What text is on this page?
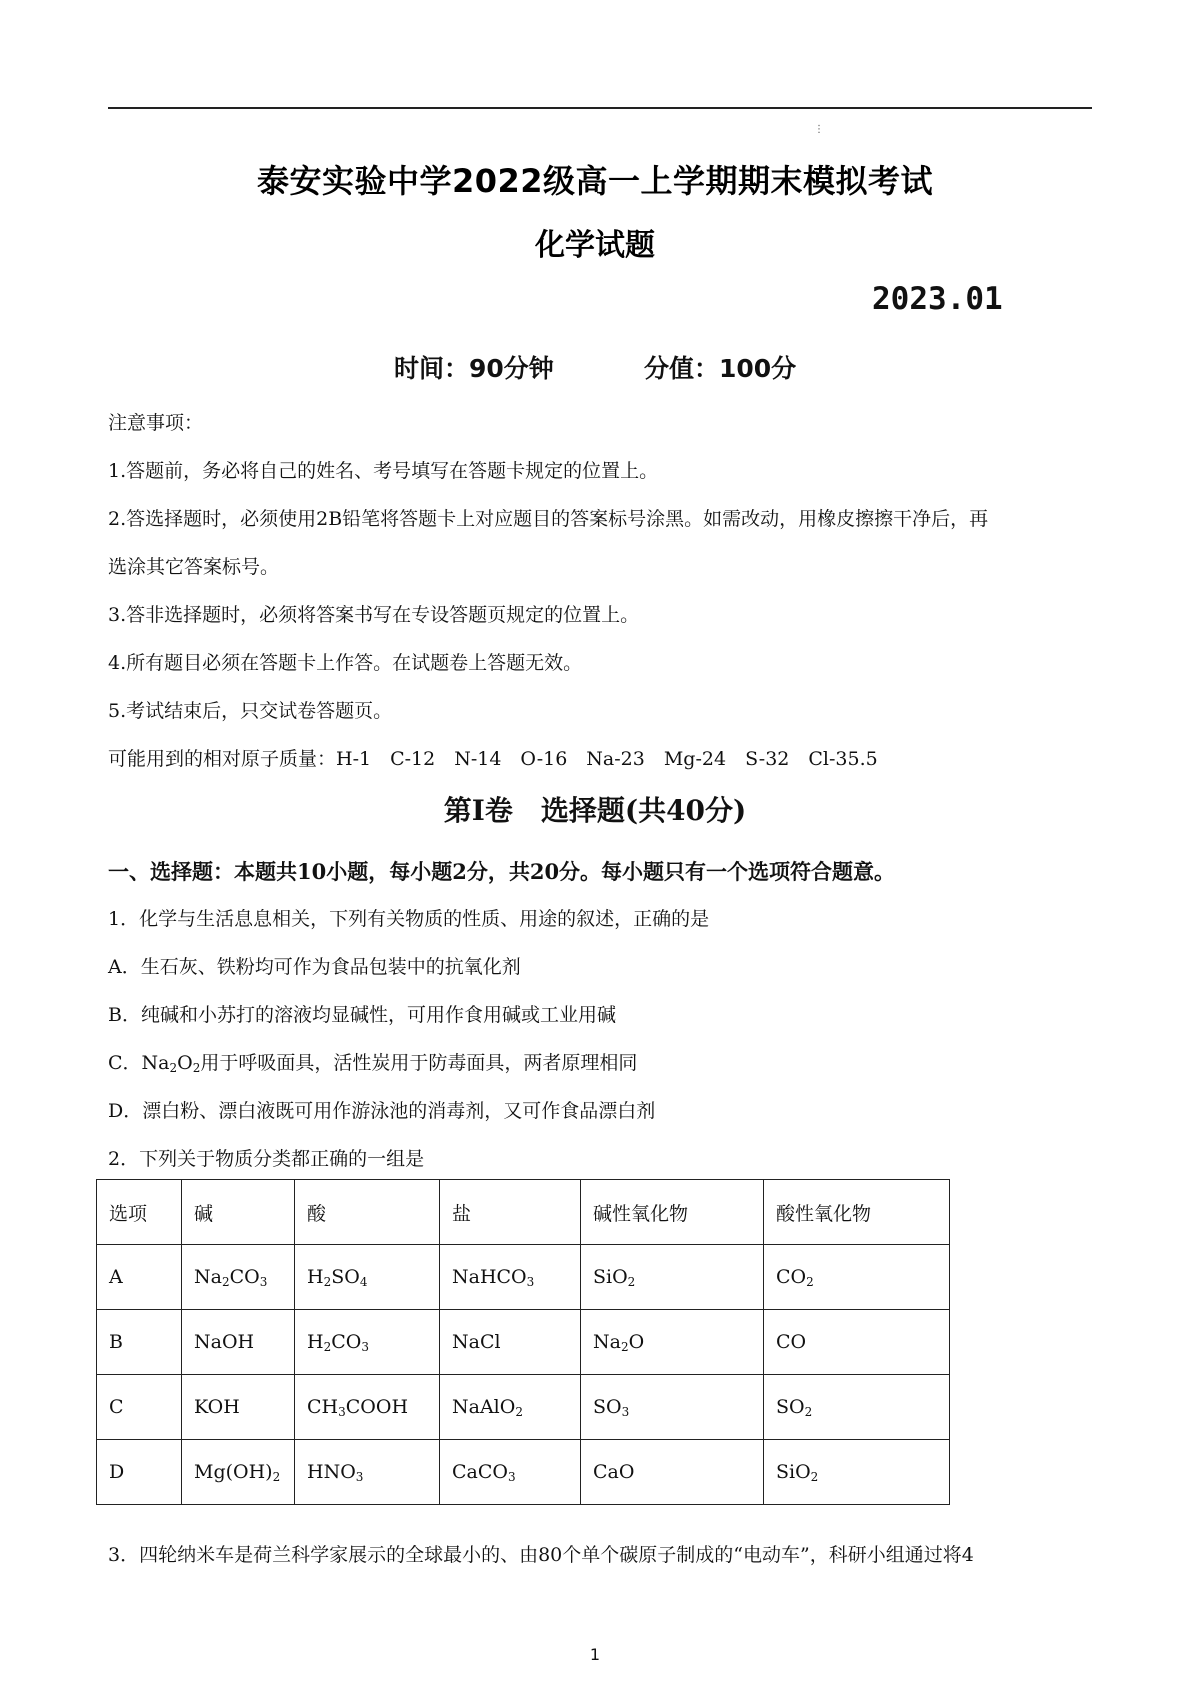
⋮
泰安实验中学2022级高一上学期期末模拟考试
化学试题
2023.01
时间：90分钟	分值：100分
注意事项：
1.答题前，务必将自己的姓名、考号填写在答题卡规定的位置上。
2.答选择题时，必须使用2B铅笔将答题卡上对应题目的答案标号涂黑。如需改动，用橡皮擦擦干净后，再
选涂其它答案标号。
3.答非选择题时，必须将答案书写在专设答题页规定的位置上。
4.所有题目必须在答题卡上作答。在试题卷上答题无效。
5.考试结束后，只交试卷答题页。
可能用到的相对原子质量：H-1　C-12　N-14　O-16　Na-23　Mg-24　S-32　Cl-35.5
第Ⅰ卷　选择题(共40分)
一、选择题：本题共10小题，每小题2分，共20分。每小题只有一个选项符合题意。
1．化学与生活息息相关，下列有关物质的性质、用途的叙述，正确的是
A．生石灰、铁粉均可作为食品包装中的抗氧化剂
B．纯碱和小苏打的溶液均显碱性，可用作食用碱或工业用碱
C．$Na_2O_2$用于呼吸面具，活性炭用于防毒面具，两者原理相同
D．漂白粉、漂白液既可用作游泳池的消毒剂，又可作食品漂白剂
2．下列关于物质分类都正确的一组是
选项	碱	酸	盐	碱性氧化物	酸性氧化物
A	$Na_2CO_3$	$H_2SO_4$	NaHCO$_3$	SiO$_2$	$CO_2$
B	NaOH	$H_2CO_3$	NaCl	$Na_2O$	CO
C	KOH	$CH_3COOH$	NaAlO$_2$	$SO_3$	$SO_2$
D	$Mg(OH)_2$	$HNO_3$	CaCO$_3$	CaO	SiO$_2$
3．四轮纳米车是荷兰科学家展示的全球最小的、由80个单个碳原子制成的“电动车”，科研小组通过将4
1
